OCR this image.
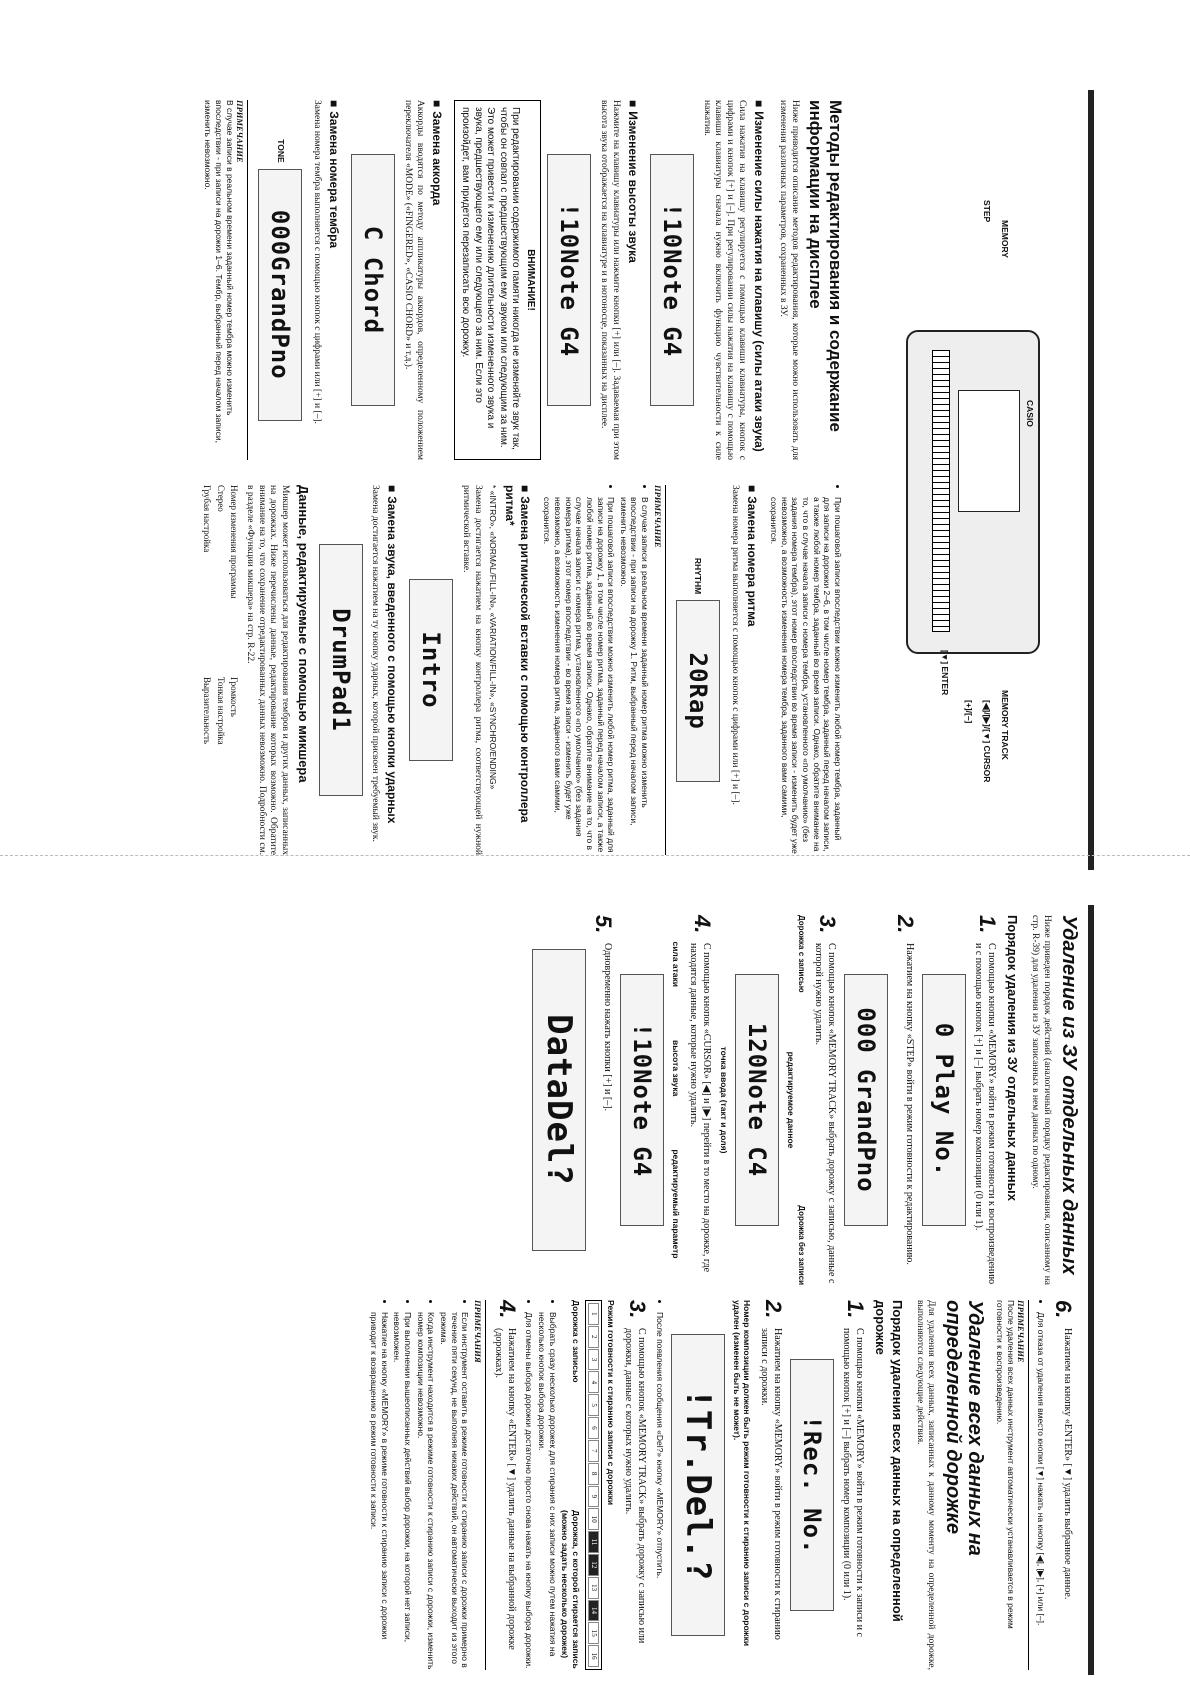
CASIO
MEMORY
STEP
MEMORY TRACK
[◀]/[▶]/[▼] CURSOR
[+]/[–]
[▼] ENTER
Методы редактирования и содержание информации на дисплее
Ниже приводится описание методов редактирования, которые можно использовать для изменения различных параметров, сохраненных в ЗУ.
■ Изменение силы нажатия на клавишу (силы атаки звука)
Сила нажатия на клавишу регулируется с помощью клавиши клавиатуры, кнопок с цифрами и кнопок [+] и [–]. При регулировании силы нажатия на клавишу с помощью клавиши клавиатуры сначала нужно включить функцию чувствительности к силе нажатия.
!10Note G4
■ Изменение высоты звука
Нажмите на клавишу клавиатуры или нажмите кнопки [+] или [–]. Задаваемая при этом высота звука отображается на клавиатуре и в нотоносце, показанных на дисплее.
!10Note G4
ВНИМАНИЕ!
При редактировании содержимого памяти никогда не изменяйте звук так, чтобы он совпал с предшествующим ему звуком или следующим за ним. Это может привести к изменению длительности измененного звука и звука, предшествующего ему или следующего за ним. Если это произойдет, вам придется перезаписать всю дорожку.
■ Замена аккорда
Аккорды вводятся по методу аппликатуры аккордов, определенному положением переключателя «MODE» («FINGERED», «CASIO CHORD» и т.д.).
C Chord
■ Замена номера тембра
Замена номера тембра выполняется с помощью кнопок с цифрами или [+] и [–].
TONE
000GrandPno
ПРИМЕЧАНИЕ
В случае записи в реальном времени заданный номер тембра можно изменить впоследствии - при записи на дорожки 1–6. Тембр, выбранный перед началом записи, изменить невозможно.
• При пошаговой записи впоследствии можно изменить любой номер тембра, заданный для записи на дорожки 2–6, в том числе номер тембра, заданный перед началом записи, а также любой номер тембра, заданный во время записи. Однако, обратите внимание на то, что в случае начала записи с номера тембра, установленного «по умолчанию» (без задания номера тембра), этот номер впоследствии во время записи - изменить будет уже невозможно, а возможность изменения номера тембра, заданного вами самими, сохранится.
■ Замена номера ритма
Замена номера ритма выполняется с помощью кнопок с цифрами или [+] и [–].
RHYTHM
20Rap
ПРИМЕЧАНИЕ
• В случае записи в реальном времени заданный номер ритма можно изменить впоследствии - при записи на дорожку 1. Ритм, выбранный перед началом записи, изменить невозможно.
• При пошаговой записи впоследствии можно изменить любой номер ритма, заданный для записи на дорожку 1, в том числе номер ритма, заданный перед началом записи, а также любой номер ритма, заданный во время записи. Однако, обратите внимание на то, что в случае начала записи с номера ритма, установленного «по умолчанию» (без задания номера ритма), этот номер впоследствии - во время записи - изменить будет уже невозможно, а возможность изменения номера ритма, заданного вами самими, сохранится.
■ Замена ритмической вставки с помощью контроллера ритма*
* «INTRO», «NORMAL/FILL-IN», «VARIATION/FILL-IN», «SYNCHRO/ENDING»
Замена достигается нажатием на кнопку контроллера ритма, соответствующей нужной ритмической вставке.
Intro
■ Замена звука, введенного с помощью кнопки ударных
Замена достигается нажатием на ту кнопку ударных, которой присвоен требуемый звук.
DrumPad1
Данные, редактируемые с помощью микшера
Микшер может использоваться для редактирования тембров и других данных, записанных на дорожках. Ниже перечислены данные, редактирование которых возможно. Обратите внимание на то, что сохранение отредактированных данных невозможно. Подробности см. в разделе «Функции микшера» на стр. R-22.
Номер изменения программы
Громкость
Стерео
Тонкая настройка
Грубая настройка
Выразительность
Удаление из ЗУ отдельных данных
Ниже приведен порядок действий (аналогичный порядку редактирования, описанному на стр. R-39) для удаления из ЗУ записанных в нем данных по одному.
Порядок удаления из ЗУ отдельных данных
1.
С помощью кнопки «MEMORY» войти в режим готовности к воспроизведению и с помощью кнопок [+] и [–] выбрать номер композиции (0 или 1).
0 Play No.
2.
Нажатием на кнопку «STEP» войти в режим готовности к редактированию.
000 GrandPno
3.
С помощью кнопок «MEMORY TRACK» выбрать дорожку с записью, данные с которой нужно удалить.
Дорожка с записью
Дорожка без записи
редактируемое данное
120Note C4
точка ввода (такт и доля)
4.
С помощью кнопок «CURSOR» [◀] и [▶] перейти в то место на дорожке, где находятся данные, которые нужно удалить.
сила атаки
высота звука
редактируемый параметр
!10Note G4
5.
Одновременно нажать кнопки [+] и [–].
DataDel?
6.
Нажатием на кнопку «ENTER» [▼] удалить выбранное данное.
• Для отказа от удаления вместо кнопки [▼] нажать на кнопку [◀], [▶], [+] или [–].
ПРИМЕЧАНИЕ
После удаления всех данных инструмент автоматически устанавливается в режим готовности к воспроизведению.
Удаление всех данных на определенной дорожке
Для удаления всех данных, записанных к данному моменту на определенной дорожке, выполняются следующие действия.
Порядок удаления всех данных на определенной дорожке
1.
С помощью кнопки «MEMORY» войти в режим готовности к записи и с помощью кнопок [+] и [–] выбрать номер композиции (0 или 1).
!Rec. No.
2.
Нажатием на кнопку «MEMORY» войти в режим готовности к стиранию записи с дорожки.
Номер композиции должен быть режим готовности к стиранию записи с дорожки удален (изменен быть не может).
!Tr.Del.?
• После появления сообщения «Del?» кнопку «MEMORY» отпустить.
3.
С помощью кнопок «MEMORY TRACK» выбрать дорожку с записью или дорожки, данные с которых нужно удалить.
Режим готовности к стиранию записи с дорожки
1
2
3
4
5
6
7
8
9
10
11
12
13
14
15
16
Дорожка с записью
Дорожка, с которой стирается запись (можно задать несколько дорожек)
• Выбрать сразу несколько дорожек для стирания с них записи можно путем нажатия на несколько кнопок выбора дорожки.
• Для отмены выбора дорожки достаточно просто снова нажать на кнопку выбора дорожки.
4.
Нажатием на кнопку «ENTER» [▼] удалить данные на выбранной дорожке (дорожках).
ПРИМЕЧАНИЯ
• Если инструмент оставить в режиме готовности к стиранию записи с дорожки примерно в течение пяти секунд, не выполняя никаких действий, он автоматически выходит из этого режима.
• Когда инструмент находится в режиме готовности к стиранию записи с дорожки, изменить номер композиции невозможно.
• При выполнении вышеописанных действий выбор дорожки, на которой нет записи, невозможен.
• Нажатие на кнопку «MEMORY» в режиме готовности к стиранию записи с дорожки приводит к возвращению в режим готовности к записи.
